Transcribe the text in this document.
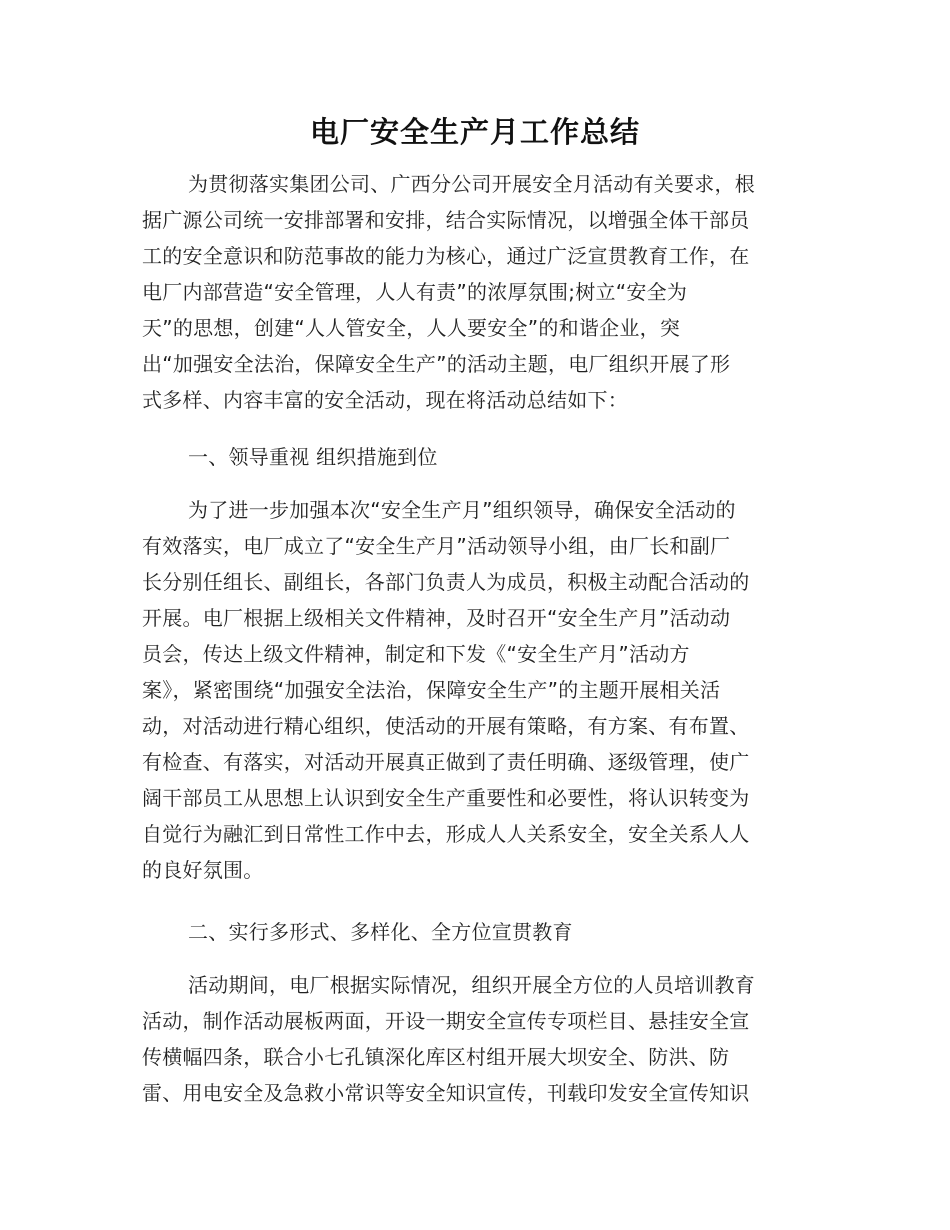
电厂安全生产月工作总结
为贯彻落实集团公司、广西分公司开展安全月活动有关要求，根
据广源公司统一安排部署和安排，结合实际情况，以增强全体干部员
工的安全意识和防范事故的能力为核心，通过广泛宣贯教育工作，在
电厂内部营造“安全管理，人人有责”的浓厚氛围;树立“安全为
天”的思想，创建“人人管安全，人人要安全”的和谐企业，突
出“加强安全法治，保障安全生产”的活动主题，电厂组织开展了形
式多样、内容丰富的安全活动，现在将活动总结如下：
一、领导重视 组织措施到位
为了进一步加强本次“安全生产月”组织领导，确保安全活动的
有效落实，电厂成立了“安全生产月”活动领导小组，由厂长和副厂
长分别任组长、副组长，各部门负责人为成员，积极主动配合活动的
开展。电厂根据上级相关文件精神，及时召开“安全生产月”活动动
员会，传达上级文件精神，制定和下发《“安全生产月”活动方
案》，紧密围绕“加强安全法治，保障安全生产”的主题开展相关活
动，对活动进行精心组织，使活动的开展有策略，有方案、有布置、
有检查、有落实，对活动开展真正做到了责任明确、逐级管理，使广
阔干部员工从思想上认识到安全生产重要性和必要性，将认识转变为
自觉行为融汇到日常性工作中去，形成人人关系安全，安全关系人人
的良好氛围。
二、实行多形式、多样化、全方位宣贯教育
活动期间，电厂根据实际情况，组织开展全方位的人员培训教育
活动，制作活动展板两面，开设一期安全宣传专项栏目、悬挂安全宣
传横幅四条，联合小七孔镇深化库区村组开展大坝安全、防洪、防
雷、用电安全及急救小常识等安全知识宣传，刊载印发安全宣传知识
